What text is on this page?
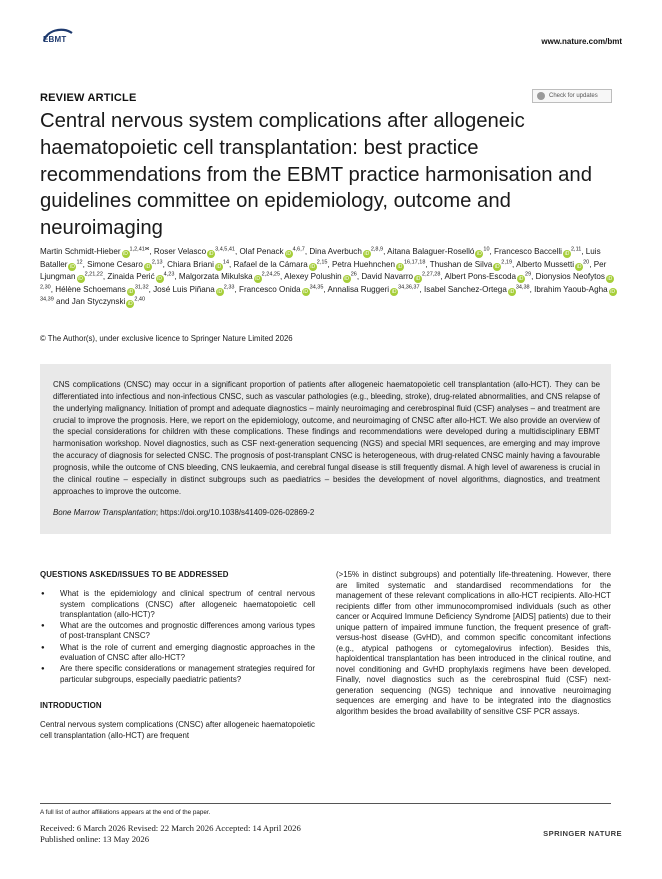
EBMT	www.nature.com/bmt
REVIEW ARTICLE	Check for updates
Central nervous system complications after allogeneic haematopoietic cell transplantation: best practice recommendations from the EBMT practice harmonisation and guidelines committee on epidemiology, outcome and neuroimaging
Martin Schmidt-Hieber iD$^{1,2,41✉}$, Roser Velasco iD$^{3,4,5,41}$, Olaf Penack iD$^{4,6,7}$, Dina Averbuch iD$^{2,8,9}$, Aitana Balaguer-Roselló iD$^{10}$, Francesco Baccelli iD$^{2,11}$, Luis Bataller iD$^{12}$, Simone Cesaro iD$^{2,13}$, Chiara Briani iD$^{14}$, Rafael de la Cámara iD$^{2,15}$, Petra Huehnchen iD$^{16,17,18}$, Thushan de Silva iD$^{2,19}$, Alberto Mussetti iD$^{20}$, Per Ljungman iD$^{2,21,22}$, Zinaida Perić iD$^{4,23}$, Malgorzata Mikulska iD$^{2,24,25}$, Alexey Polushin iD$^{26}$, David Navarro iD$^{2,27,28}$, Albert Pons-Escoda iD$^{29}$, Dionysios Neofytos iD$^{2,30}$, Hélène Schoemans iD$^{31,32}$, José Luis Piñana iD$^{2,33}$, Francesco Onida iD$^{34,35}$, Annalisa Ruggeri iD$^{34,36,37}$, Isabel Sanchez-Ortega iD$^{34,38}$, Ibrahim Yaoub-Agha iD$^{34,39}$ and Jan Styczynski iD$^{2,40}$
© The Author(s), under exclusive licence to Springer Nature Limited 2026

CNS complications (CNSC) may occur in a significant proportion of patients after allogeneic haematopoietic cell transplantation (allo-HCT). They can be differentiated into infectious and non-infectious CNSC, such as vascular pathologies (e.g., bleeding, stroke), drug-related abnormalities, and CNS relapse of the underlying malignancy. Initiation of prompt and adequate diagnostics – mainly neuroimaging and cerebrospinal fluid (CSF) analyses – and treatment are crucial to improve the prognosis. Here, we report on the epidemiology, outcome, and neuroimaging of CNSC after allo-HCT. We also provide an overview of the special considerations for children with these complications. These findings and recommendations were developed during a multidisciplinary EBMT harmonisation workshop. Novel diagnostics, such as CSF next-generation sequencing (NGS) and special MRI sequences, are emerging and may improve the accuracy of diagnosis for selected CNSC. The prognosis of post-transplant CNSC is heterogeneous, with drug-related CNSC mainly having a favourable prognosis, while the outcome of CNS bleeding, CNS leukaemia, and cerebral fungal disease is still frequently dismal. A high level of awareness is crucial in the clinical routine – especially in distinct subgroups such as paediatrics – besides the development of novel algorithms, diagnostics, and treatment approaches to improve the outcome.

Bone Marrow Transplantation; https://doi.org/10.1038/s41409-026-02869-2

QUESTIONS ASKED/ISSUES TO BE ADDRESSED
● What is the epidemiology and clinical spectrum of central nervous system complications (CNSC) after allogeneic haematopoietic cell transplantation (allo-HCT)?
● What are the outcomes and prognostic differences among various types of post-transplant CNSC?
● What is the role of current and emerging diagnostic approaches in the evaluation of CNSC after allo-HCT?
● Are there specific considerations or management strategies required for particular subgroups, especially paediatric patients?
INTRODUCTION

Central nervous system complications (CNSC) after allogeneic haematopoietic cell transplantation (allo-HCT) are frequent

(>15% in distinct subgroups) and potentially life-threatening. However, there are limited systematic and standardised recommendations for the management of these relevant complications in allo-HCT recipients. Allo-HCT recipients differ from other immunocompromised individuals (such as other cancer or Acquired Immune Deficiency Syndrome [AIDS] patients) due to their unique pattern of impaired immune function, the frequent presence of graft-versus-host disease (GvHD), and common specific concomitant infections (e.g., atypical pathogens or cytomegalovirus infection). Besides this, haploidentical transplantation has been introduced in the clinical routine, and novel conditioning and GvHD prophylaxis regimens have been developed. Finally, novel diagnostics such as the cerebrospinal fluid (CSF) next-generation sequencing (NGS) technique and innovative neuroimaging sequences are emerging and have to be integrated into the diagnostics algorithm besides the broad availability of sensitive CSF PCR assays.

A full list of author affiliations appears at the end of the paper.
Received: 6 March 2026 Revised: 22 March 2026 Accepted: 14 April 2026
Published online: 13 May 2026
SPRINGER NATURE
